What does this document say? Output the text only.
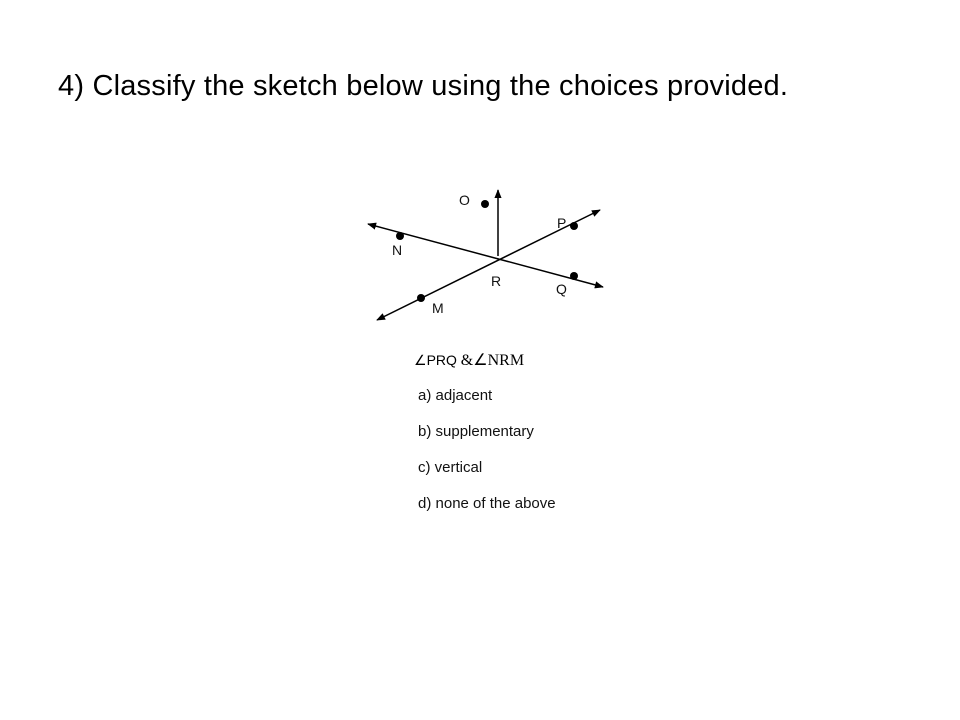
4) Classify the sketch below using the choices provided.
O
P
N
R	Q
M
∠PRQ &∠NRM
a) adjacent
b) supplementary
c) vertical
d) none of the above
